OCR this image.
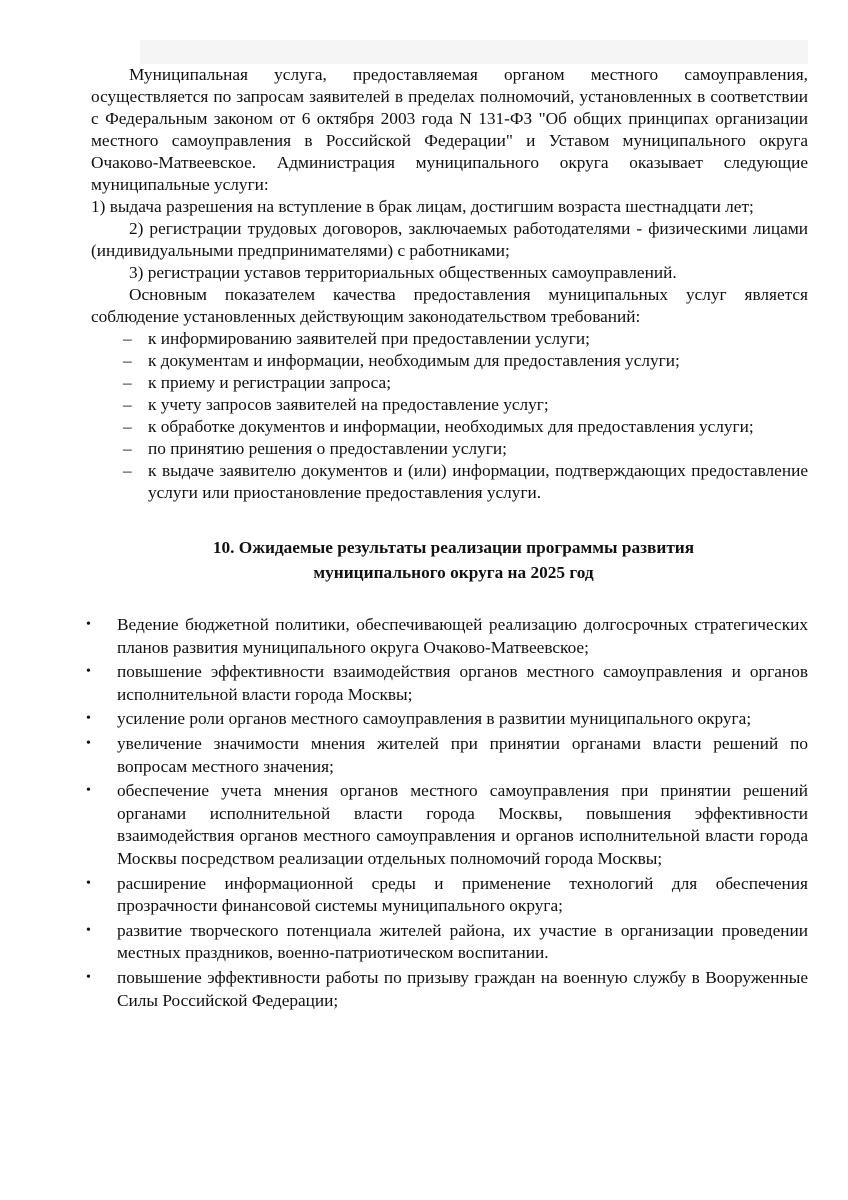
Муниципальная услуга, предоставляемая органом местного самоуправления, осуществляется по запросам заявителей в пределах полномочий, установленных в соответствии с Федеральным законом от 6 октября 2003 года N 131-ФЗ "Об общих принципах организации местного самоуправления в Российской Федерации" и Уставом муниципального округа Очаково-Матвеевское. Администрация муниципального округа оказывает следующие муниципальные услуги:

1) выдача разрешения на вступление в брак лицам, достигшим возраста шестнадцати лет;

2) регистрации трудовых договоров, заключаемых работодателями - физическими лицами (индивидуальными предпринимателями) с работниками;

3) регистрации уставов территориальных общественных самоуправлений.

Основным показателем качества предоставления муниципальных услуг является соблюдение установленных действующим законодательством требований:

– к информированию заявителей при предоставлении услуги;
– к документам и информации, необходимым для предоставления услуги;
– к приему и регистрации запроса;
– к учету запросов заявителей на предоставление услуг;
– к обработке документов и информации, необходимых для предоставления услуги;
– по принятию решения о предоставлении услуги;
– к выдаче заявителю документов и (или) информации, подтверждающих предоставление услуги или приостановление предоставления услуги.
10. Ожидаемые результаты реализации программы развития
муниципального округа на 2025 год
• Ведение бюджетной политики, обеспечивающей реализацию долгосрочных стратегических планов развития муниципального округа Очаково-Матвеевское;
• повышение эффективности взаимодействия органов местного самоуправления и органов исполнительной власти города Москвы;
• усиление роли органов местного самоуправления в развитии муниципального округа;
• увеличение значимости мнения жителей при принятии органами власти решений по вопросам местного значения;
• обеспечение учета мнения органов местного самоуправления при принятии решений органами исполнительной власти города Москвы, повышения эффективности взаимодействия органов местного самоуправления и органов исполнительной власти города Москвы посредством реализации отдельных полномочий города Москвы;
• расширение информационной среды и применение технологий для обеспечения прозрачности финансовой системы муниципального округа;
• развитие творческого потенциала жителей района, их участие в организации проведении местных праздников, военно-патриотическом воспитании.
• повышение эффективности работы по призыву граждан на военную службу в Вооруженные Силы Российской Федерации;
